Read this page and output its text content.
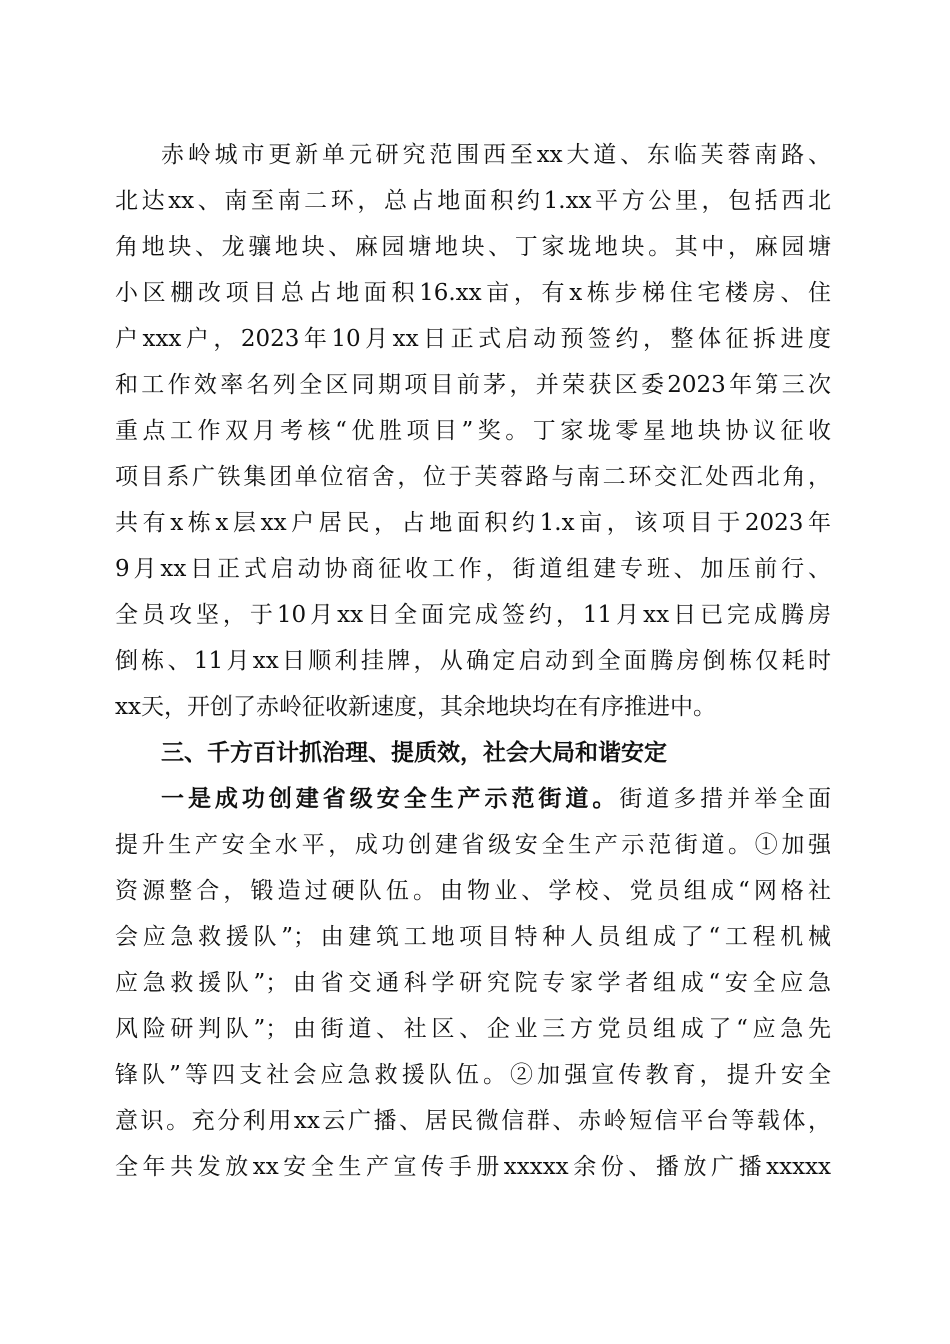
赤岭城市更新单元研究范围西至xx大道、东临芙蓉南路、
北达xx、南至南二环，总占地面积约1.xx平方公里，包括西北
角地块、龙骧地块、麻园塘地块、丁家垅地块。其中，麻园塘
小区棚改项目总占地面积16.xx亩，有x栋步梯住宅楼房、住
户xxx户，2023年10月xx日正式启动预签约，整体征拆进度
和工作效率名列全区同期项目前茅，并荣获区委2023年第三次
重点工作双月考核“优胜项目”奖。丁家垅零星地块协议征收
项目系广铁集团单位宿舍，位于芙蓉路与南二环交汇处西北角，
共有x栋x层xx户居民，占地面积约1.x亩，该项目于2023年
9月xx日正式启动协商征收工作，街道组建专班、加压前行、
全员攻坚，于10月xx日全面完成签约，11月xx日已完成腾房
倒栋、11月xx日顺利挂牌，从确定启动到全面腾房倒栋仅耗时
xx天，开创了赤岭征收新速度，其余地块均在有序推进中。
三、千方百计抓治理、提质效，社会大局和谐安定
一是成功创建省级安全生产示范街道。街道多措并举全面
提升生产安全水平，成功创建省级安全生产示范街道。①加强
资源整合，锻造过硬队伍。由物业、学校、党员组成“网格社
会应急救援队”；由建筑工地项目特种人员组成了“工程机械
应急救援队”；由省交通科学研究院专家学者组成“安全应急
风险研判队”；由街道、社区、企业三方党员组成了“应急先
锋队”等四支社会应急救援队伍。②加强宣传教育，提升安全
意识。充分利用xx云广播、居民微信群、赤岭短信平台等载体，
全年共发放xx安全生产宣传手册xxxxx余份、播放广播xxxxx
